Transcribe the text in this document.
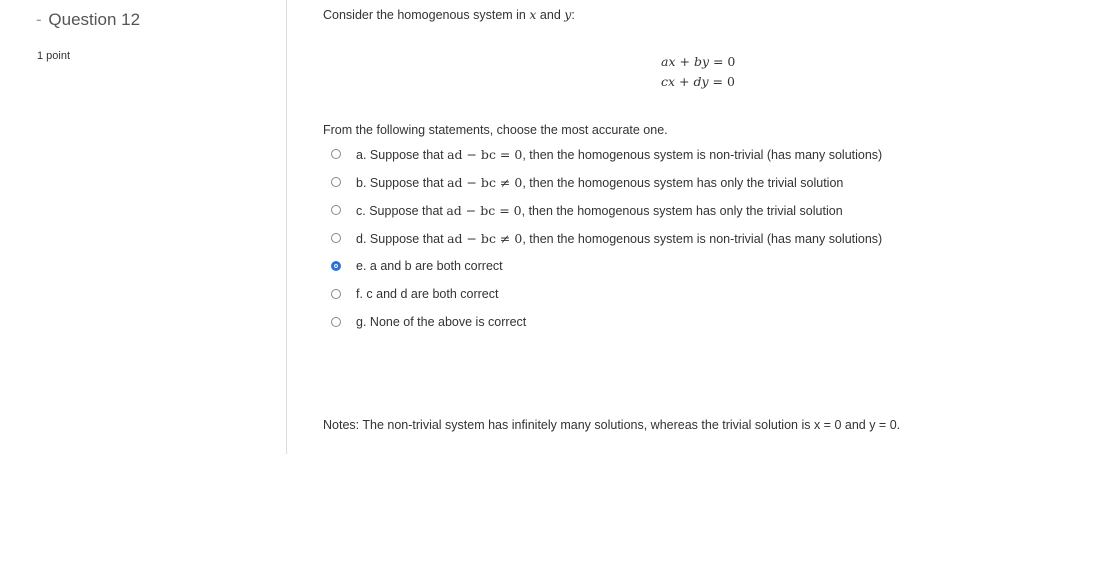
- Question 12
1 point
Consider the homogenous system in x and y:
ax + by = 0
cx + dy = 0
From the following statements, choose the most accurate one.
a. Suppose that ad − bc = 0, then the homogenous system is non-trivial (has many solutions)
b. Suppose that ad − bc ≠ 0, then the homogenous system has only the trivial solution
c. Suppose that ad − bc = 0, then the homogenous system has only the trivial solution
d. Suppose that ad − bc ≠ 0, then the homogenous system is non-trivial (has many solutions)
e. a and b are both correct
f. c and d are both correct
g. None of the above is correct
Notes: The non-trivial system has infinitely many solutions, whereas the trivial solution is x = 0 and y = 0.
